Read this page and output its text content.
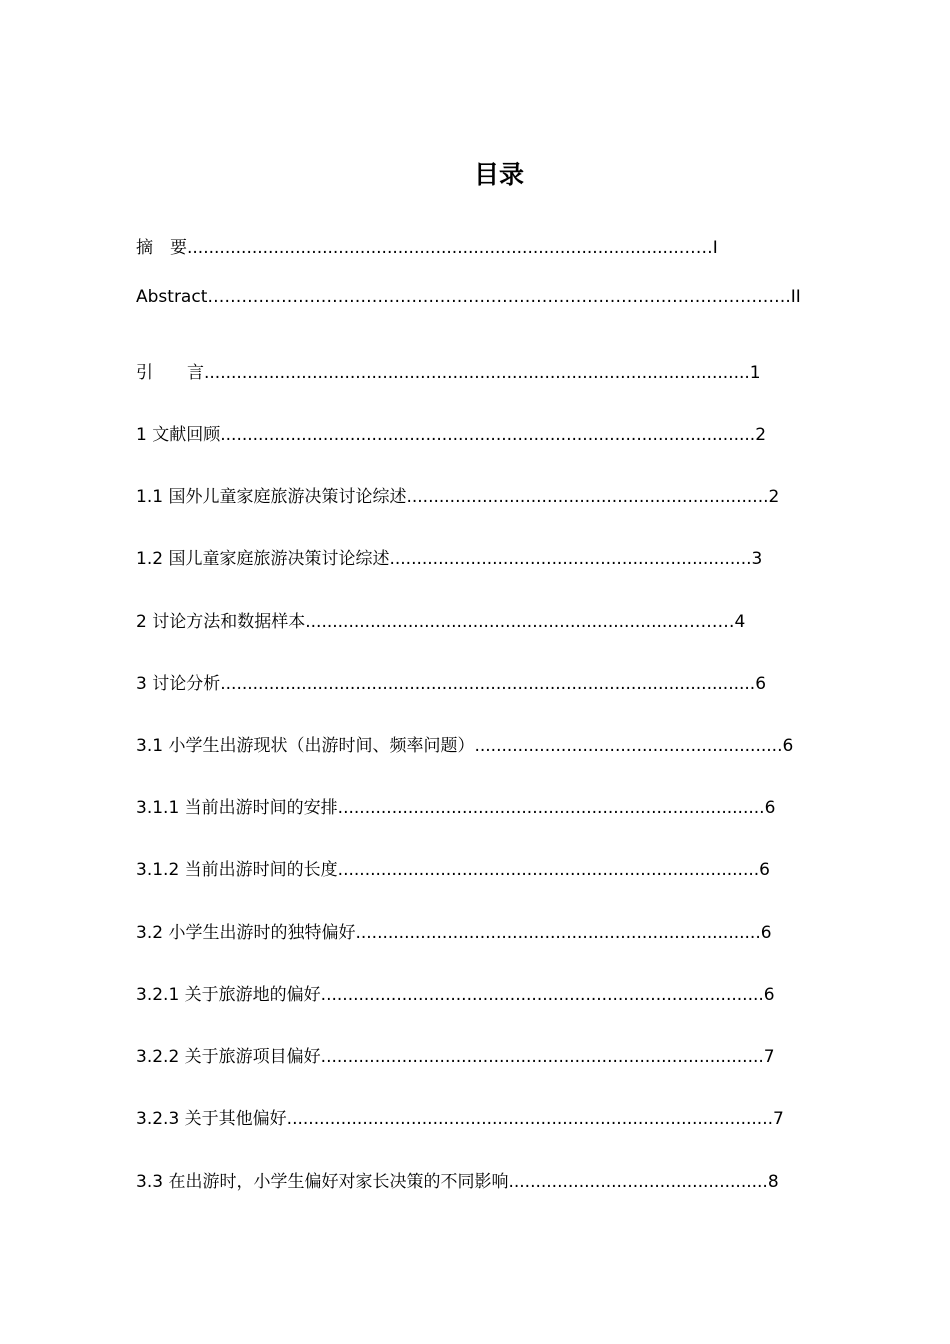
目录
摘　要...........................................................................................……I
Abstract………………………………………………………………………………………….II
引　　言.....................................................................................................1
1 文献回顾...................................................................................................2
1.1 国外儿童家庭旅游决策讨论综述...................................................................2
1.2 国儿童家庭旅游决策讨论综述...................................................................3
2 讨论方法和数据样本......................................................................………4
3 讨论分析...................................................................................................6
3.1 小学生出游现状（出游时间、频率问题）.........................................................6
3.1.1 当前出游时间的安排...............................................................................6
3.1.2 当前出游时间的长度..............................................................................6
3.2 小学生出游时的独特偏好...........................................................................6
3.2.1 关于旅游地的偏好..................................................................................6
3.2.2 关于旅游项目偏好..................................................................................7
3.2.3 关于其他偏好..........................................................................................7
3.3 在出游时，小学生偏好对家长决策的不同影响................................................8
